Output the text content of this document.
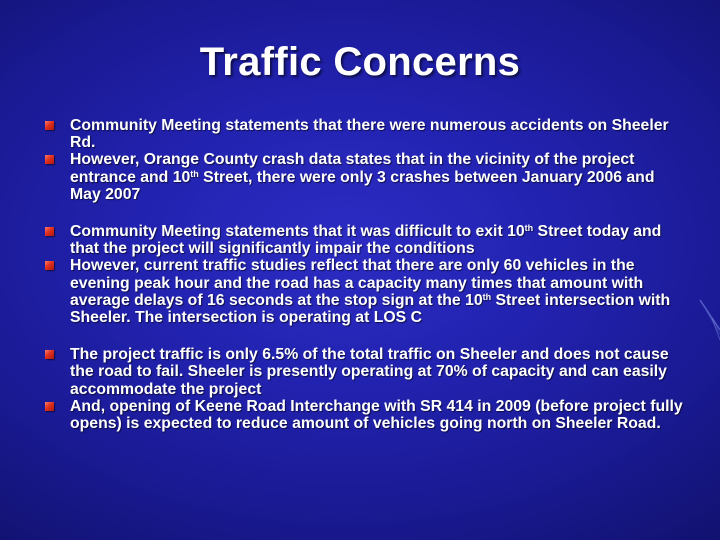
Traffic Concerns
Community Meeting statements that there were numerous accidents on Sheeler Rd.
However, Orange County crash data states that in the vicinity of the project entrance and 10th Street, there were only 3 crashes between January 2006 and May 2007
Community Meeting statements that it was difficult to exit 10th Street today and that the project will significantly impair the conditions
However, current traffic studies reflect that there are only 60 vehicles in the evening peak hour and the road has a capacity many times that amount with average delays of 16 seconds at the stop sign at the 10th Street intersection with Sheeler. The intersection is operating at LOS C
The project traffic is only 6.5% of the total traffic on Sheeler and does not cause the road to fail. Sheeler is presently operating at 70% of capacity and can easily accommodate the project
And, opening of Keene Road Interchange with SR 414 in 2009 (before project fully opens) is expected to reduce amount of vehicles going north on Sheeler Road.
